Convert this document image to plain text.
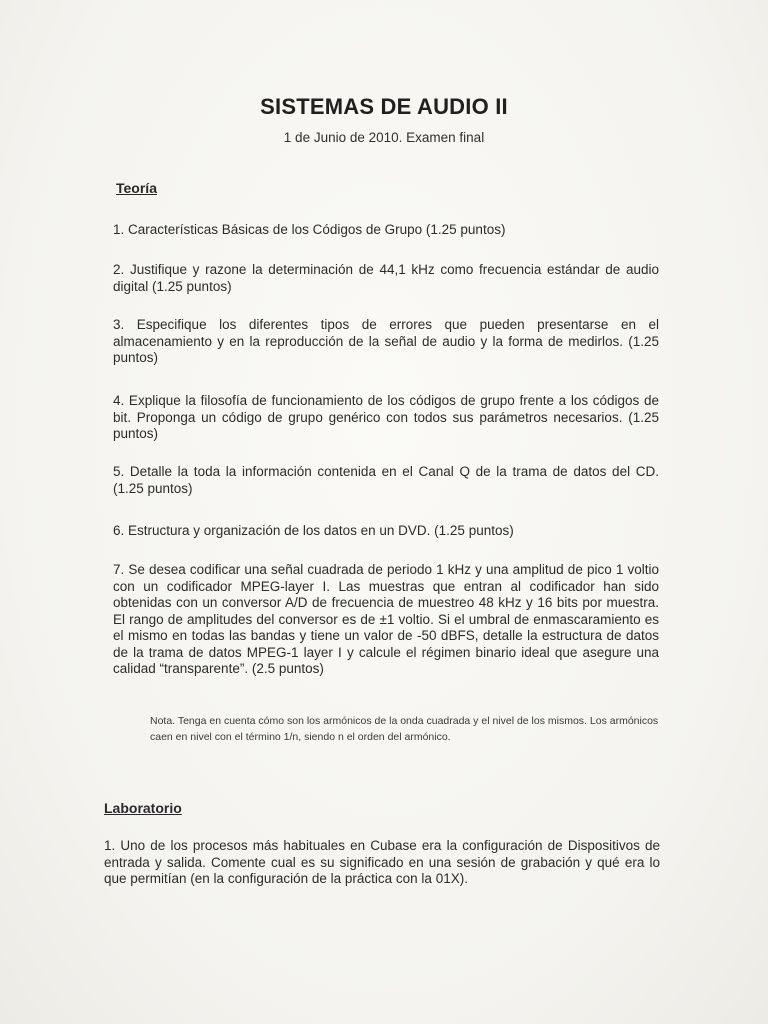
SISTEMAS DE AUDIO II
1 de Junio de 2010. Examen final
Teoría
1. Características Básicas de los Códigos de Grupo (1.25 puntos)
2. Justifique y razone la determinación de 44,1 kHz como frecuencia estándar de audio digital (1.25 puntos)
3. Especifique los diferentes tipos de errores que pueden presentarse en el almacenamiento y en la reproducción de la señal de audio y la forma de medirlos. (1.25 puntos)
4. Explique la filosofía de funcionamiento de los códigos de grupo frente a los códigos de bit. Proponga un código de grupo genérico con todos sus parámetros necesarios. (1.25 puntos)
5. Detalle la toda la información contenida en el Canal Q de la trama de datos del CD. (1.25 puntos)
6. Estructura y organización de los datos en un DVD. (1.25 puntos)
7. Se desea codificar una señal cuadrada de periodo 1 kHz y una amplitud de pico 1 voltio con un codificador MPEG-layer I. Las muestras que entran al codificador han sido obtenidas con un conversor A/D de frecuencia de muestreo 48 kHz y 16 bits por muestra. El rango de amplitudes del conversor es de ±1 voltio. Si el umbral de enmascaramiento es el mismo en todas las bandas y tiene un valor de -50 dBFS, detalle la estructura de datos de la trama de datos MPEG-1 layer I y calcule el régimen binario ideal que asegure una calidad “transparente”. (2.5 puntos)
Nota. Tenga en cuenta cómo son los armónicos de la onda cuadrada y el nivel de los mismos. Los armónicos caen en nivel con el término 1/n, siendo n el orden del armónico.
Laboratorio
1. Uno de los procesos más habituales en Cubase era la configuración de Dispositivos de entrada y salida. Comente cual es su significado en una sesión de grabación y qué era lo que permitían (en la configuración de la práctica con la 01X).
